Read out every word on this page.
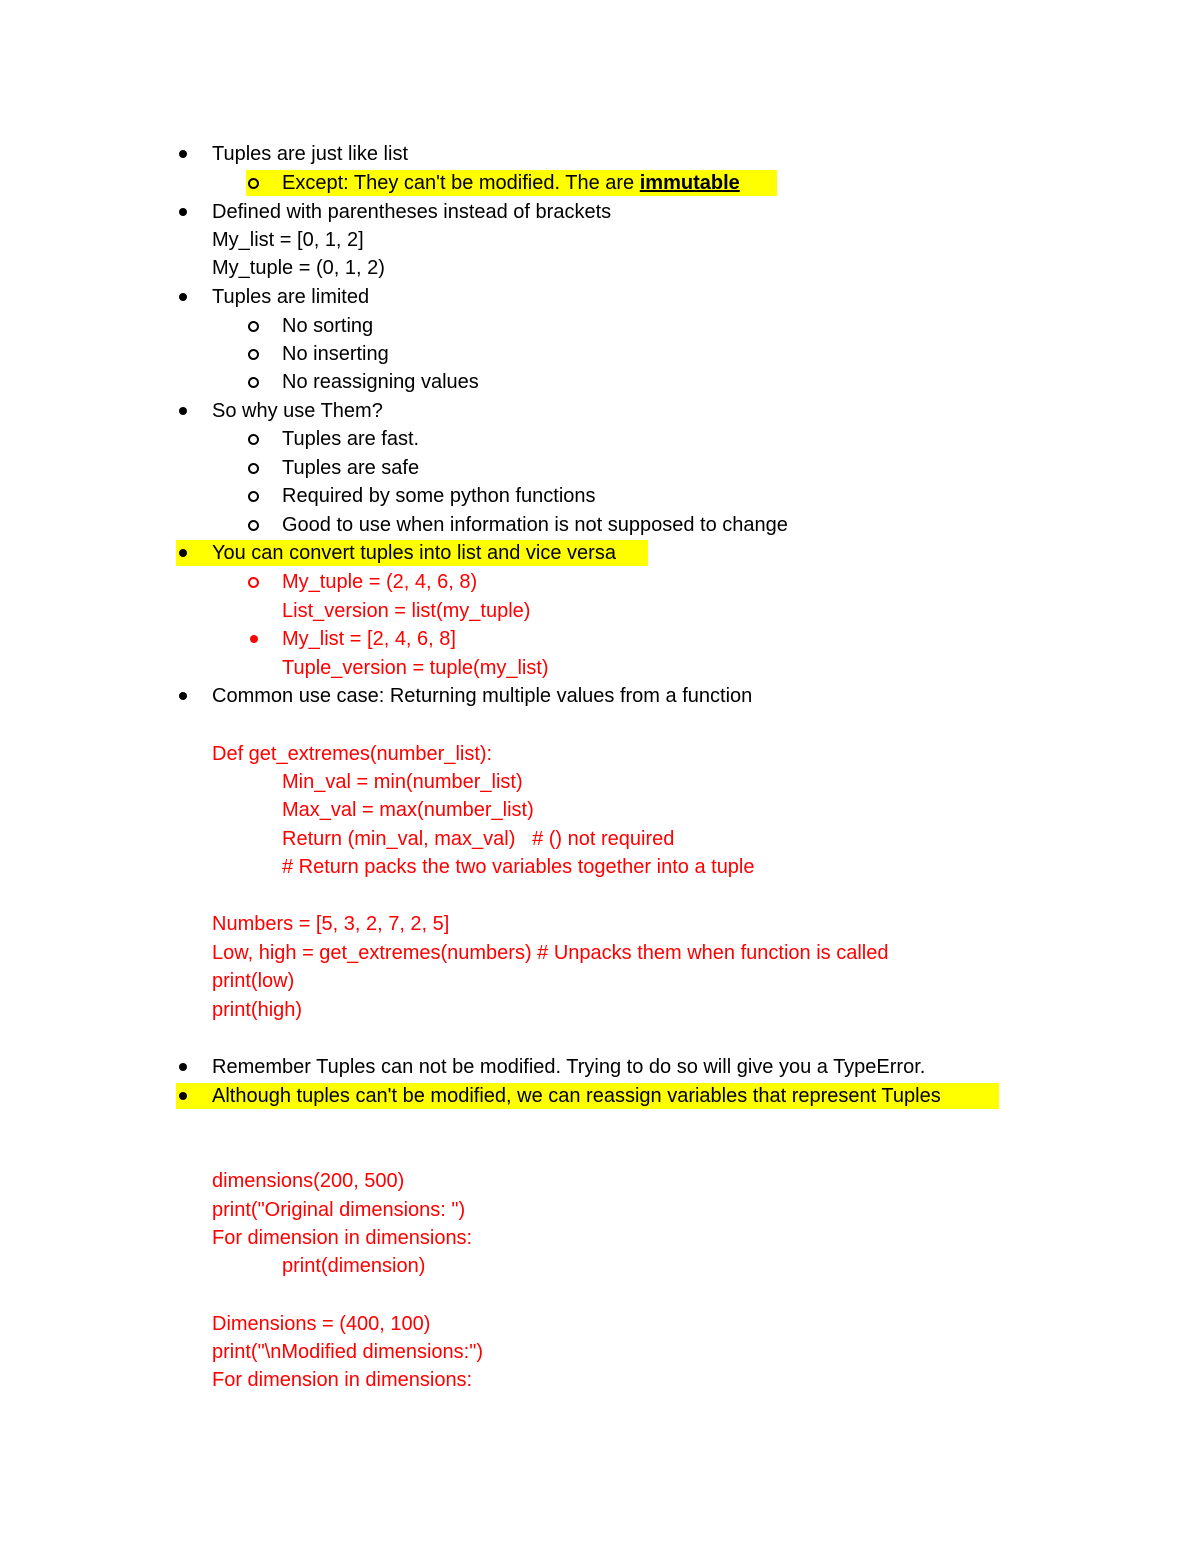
Tuples are just like list
Except: They can't be modified. The are immutable
Defined with parentheses instead of brackets
My_list = [0, 1, 2]
My_tuple = (0, 1, 2)
Tuples are limited
No sorting
No inserting
No reassigning values
So why use Them?
Tuples are fast.
Tuples are safe
Required by some python functions
Good to use when information is not supposed to change
You can convert tuples into list and vice versa
My_tuple = (2, 4, 6, 8)
List_version = list(my_tuple)
My_list = [2, 4, 6, 8]
Tuple_version = tuple(my_list)
Common use case: Returning multiple values from a function
Def get_extremes(number_list):
Min_val = min(number_list)
Max_val = max(number_list)
Return (min_val, max_val)   # () not required
# Return packs the two variables together into a tuple
Numbers = [5, 3, 2, 7, 2, 5]
Low, high = get_extremes(numbers) # Unpacks them when function is called
print(low)
print(high)
Remember Tuples can not be modified. Trying to do so will give you a TypeError.
Although tuples can't be modified, we can reassign variables that represent Tuples
dimensions(200, 500)
print("Original dimensions: ")
For dimension in dimensions:
print(dimension)
Dimensions = (400, 100)
print("\nModified dimensions:")
For dimension in dimensions:
